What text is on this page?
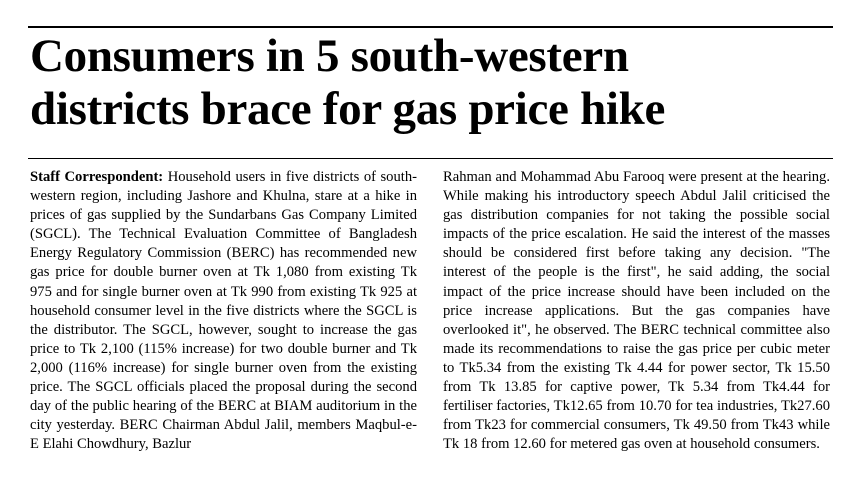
Consumers in 5 south-western
districts brace for gas price hike

Staff Correspondent: Household users in five districts of south-western region, including Jashore and Khulna, stare at a hike in prices of gas supplied by the Sundarbans Gas Company Limited (SGCL). The Technical Evaluation Committee of Bangladesh Energy Regulatory Commission (BERC) has recommended new gas price for double burner oven at Tk 1,080 from existing Tk 975 and for single burner oven at Tk 990 from existing Tk 925 at household consumer level in the five districts where the SGCL is the distributor. The SGCL, however, sought to increase the gas price to Tk 2,100 (115% increase) for two double burner and Tk 2,000 (116% increase) for single burner oven from the existing price. The SGCL officials placed the proposal during the second day of the public hearing of the BERC at BIAM auditorium in the city yesterday. BERC Chairman Abdul Jalil, members Maqbul-e-E Elahi Chowdhury, Bazlur

Rahman and Mohammad Abu Farooq were present at the hearing. While making his introductory speech Abdul Jalil criticised the gas distribution companies for not taking the possible social impacts of the price escalation. He said the interest of the masses should be considered first before taking any decision. "The interest of the people is the first", he said adding, the social impact of the price increase should have been included on the price increase applications. But the gas companies have overlooked it", he observed. The BERC technical committee also made its recommendations to raise the gas price per cubic meter to Tk5.34 from the existing Tk 4.44 for power sector, Tk 15.50 from Tk 13.85 for captive power, Tk 5.34 from Tk4.44 for fertiliser factories, Tk12.65 from 10.70 for tea industries, Tk27.60 from Tk23 for commercial consumers, Tk 49.50 from Tk43 while Tk 18 from 12.60 for metered gas oven at household consumers.
